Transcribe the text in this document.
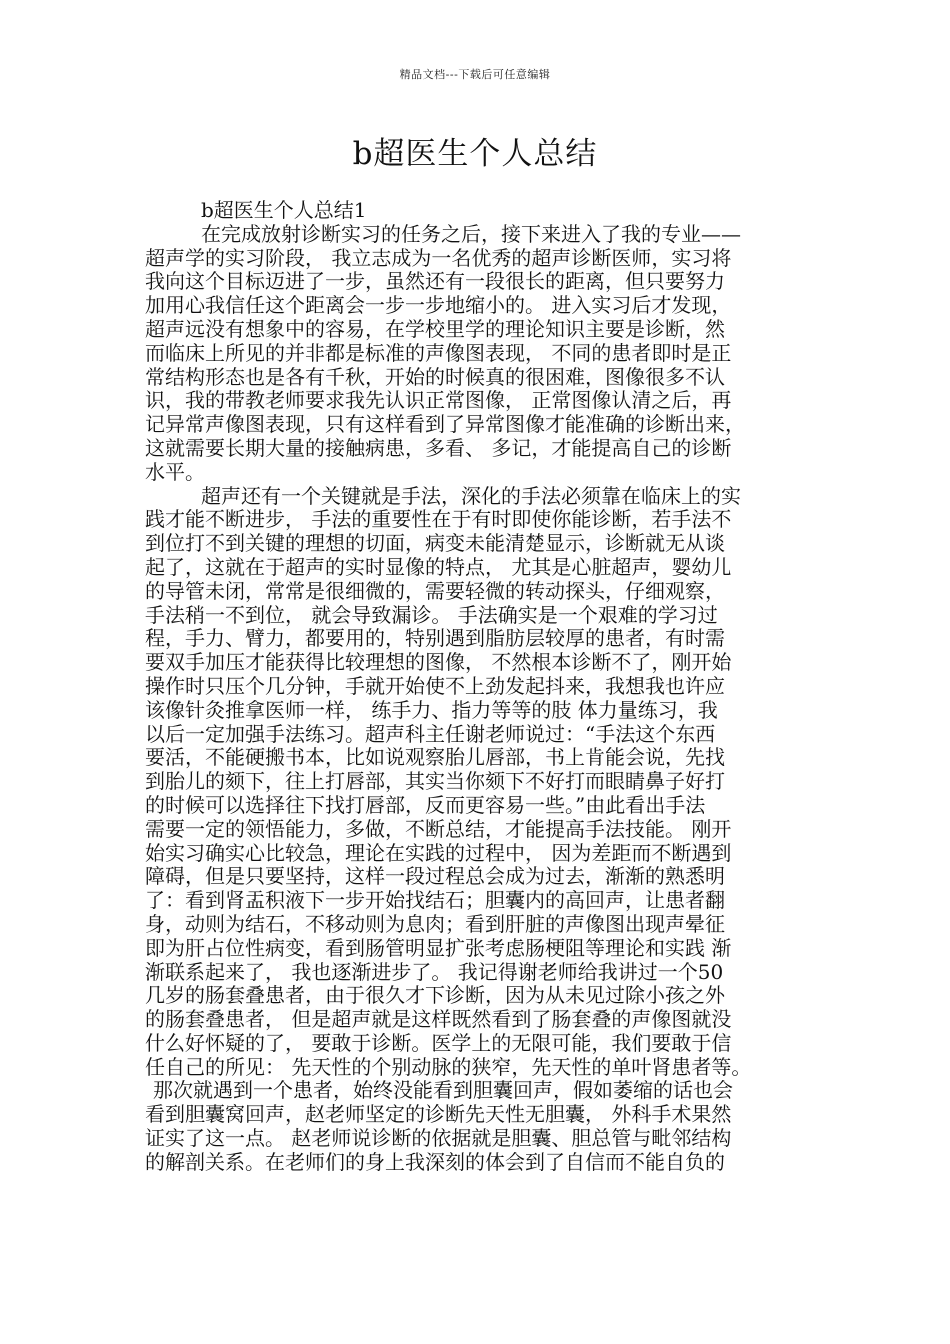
精品文档---下载后可任意编辑
b超医生个人总结
b超医生个人总结1
在完成放射诊断实习的任务之后，接下来进入了我的专业——
超声学的实习阶段， 我立志成为一名优秀的超声诊断医师，实习将
我向这个目标迈进了一步，虽然还有一段很长的距离，但只要努力
加用心我信任这个距离会一步一步地缩小的。 进入实习后才发现，
超声远没有想象中的容易，在学校里学的理论知识主要是诊断，然
而临床上所见的并非都是标准的声像图表现， 不同的患者即时是正
常结构形态也是各有千秋，开始的时候真的很困难，图像很多不认
识，我的带教老师要求我先认识正常图像， 正常图像认清之后，再
记异常声像图表现，只有这样看到了异常图像才能准确的诊断出来，
这就需要长期大量的接触病患，多看、 多记，才能提高自己的诊断
水平。
超声还有一个关键就是手法，深化的手法必须靠在临床上的实
践才能不断进步， 手法的重要性在于有时即使你能诊断，若手法不
到位打不到关键的理想的切面，病变未能清楚显示，诊断就无从谈
起了，这就在于超声的实时显像的特点， 尤其是心脏超声，婴幼儿
的导管未闭，常常是很细微的，需要轻微的转动探头，仔细观察，
手法稍一不到位， 就会导致漏诊。 手法确实是一个艰难的学习过
程，手力、臂力，都要用的，特别遇到脂肪层较厚的患者，有时需
要双手加压才能获得比较理想的图像， 不然根本诊断不了，刚开始
操作时只压个几分钟，手就开始使不上劲发起抖来，我想我也许应
该像针灸推拿医师一样， 练手力、指力等等的肢 体力量练习，我
以后一定加强手法练习。超声科主任谢老师说过：“手法这个东西
要活，不能硬搬书本，比如说观察胎儿唇部，书上肯能会说，先找
到胎儿的颏下，往上打唇部，其实当你颏下不好打而眼睛鼻子好打
的时候可以选择往下找打唇部，反而更容易一些。”由此看出手法
需要一定的领悟能力，多做，不断总结，才能提高手法技能。 刚开
始实习确实心比较急，理论在实践的过程中， 因为差距而不断遇到
障碍，但是只要坚持，这样一段过程总会成为过去，渐渐的熟悉明
了：看到肾盂积液下一步开始找结石；胆囊内的高回声，让患者翻
身，动则为结石，不移动则为息肉；看到肝脏的声像图出现声晕征
即为肝占位性病变，看到肠管明显扩张考虑肠梗阻等理论和实践 渐
渐联系起来了， 我也逐渐进步了。 我记得谢老师给我讲过一个50
几岁的肠套叠患者，由于很久才下诊断，因为从未见过除小孩之外
的肠套叠患者， 但是超声就是这样既然看到了肠套叠的声像图就没
什么好怀疑的了， 要敢于诊断。医学上的无限可能，我们要敢于信
任自己的所见： 先天性的个别动脉的狭窄，先天性的单叶肾患者等。
那次就遇到一个患者，始终没能看到胆囊回声，假如萎缩的话也会
看到胆囊窝回声，赵老师坚定的诊断先天性无胆囊， 外科手术果然
证实了这一点。 赵老师说诊断的依据就是胆囊、胆总管与毗邻结构
的解剖关系。在老师们的身上我深刻的体会到了自信而不能自负的
